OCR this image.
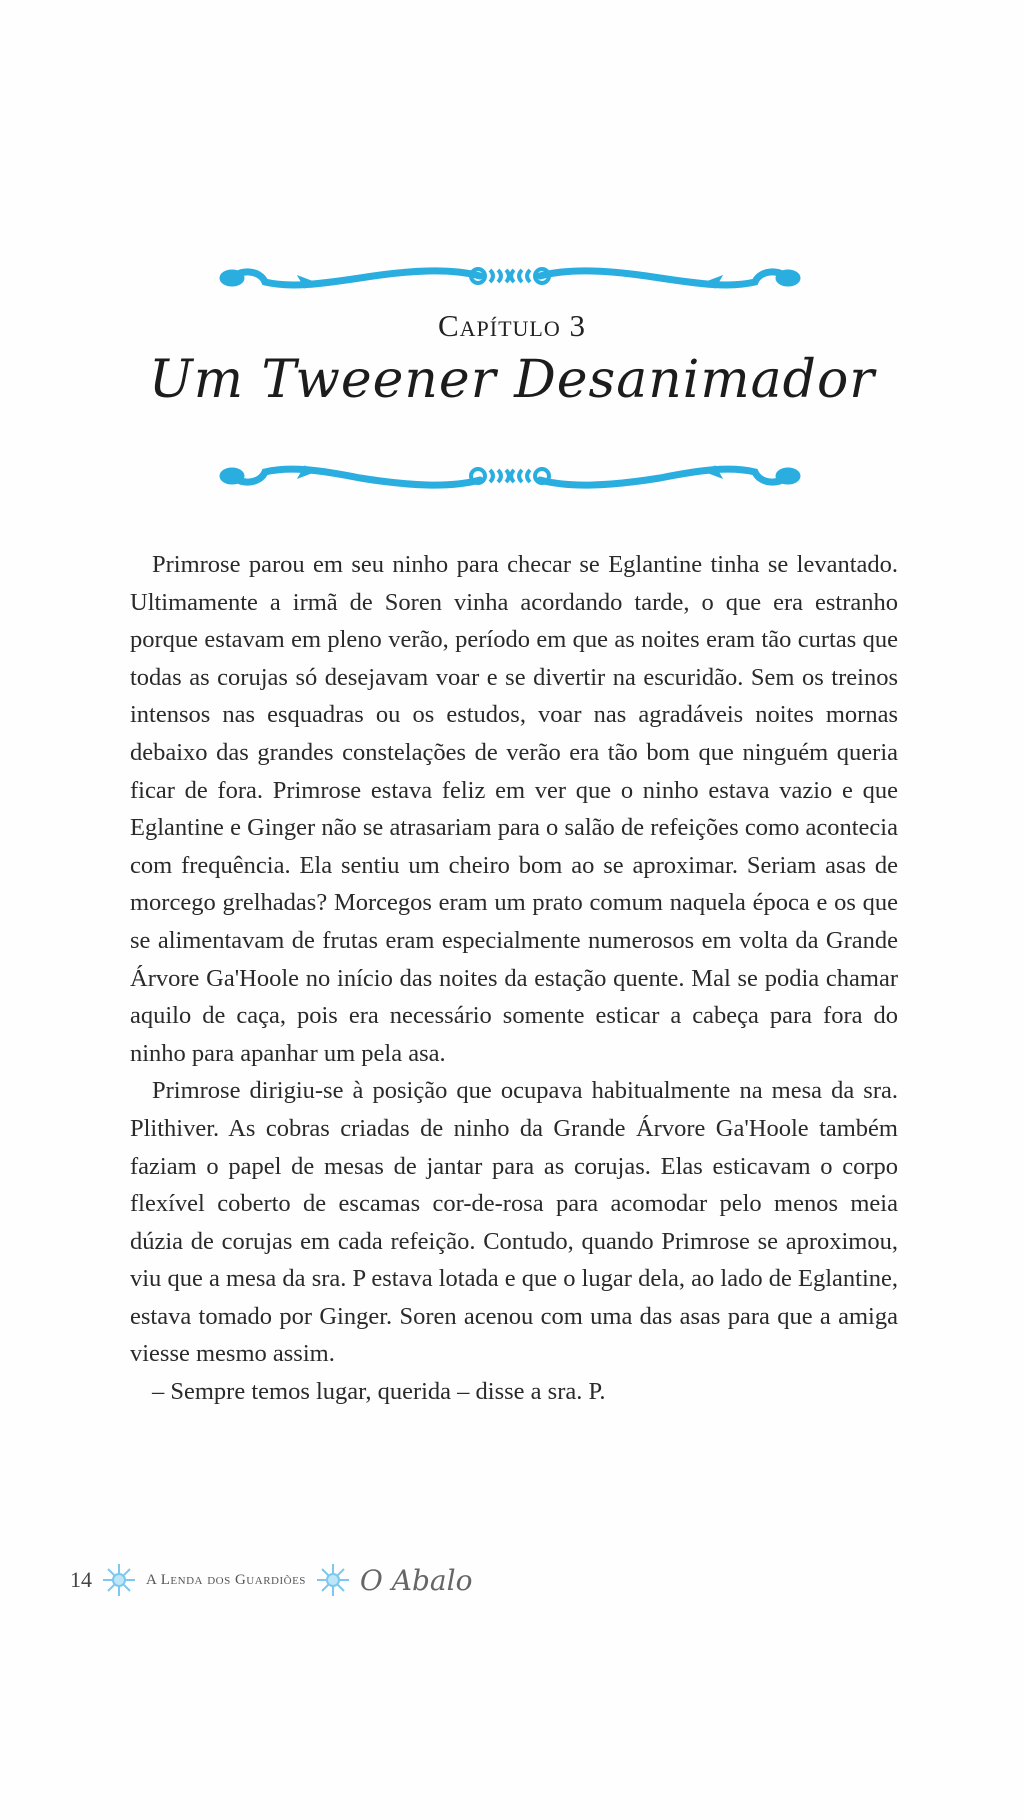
Capítulo 3
Um Tweener Desanimador

Primrose parou em seu ninho para checar se Eglantine tinha se levantado. Ultimamente a irmã de Soren vinha acordando tarde, o que era estranho porque estavam em pleno verão, período em que as noites eram tão curtas que todas as corujas só desejavam voar e se divertir na escuridão. Sem os treinos intensos nas esquadras ou os estudos, voar nas agradáveis noites mornas debaixo das grandes constelações de verão era tão bom que ninguém queria ficar de fora. Primrose estava feliz em ver que o ninho estava vazio e que Eglantine e Ginger não se atrasariam para o salão de refeições como acontecia com frequência. Ela sentiu um cheiro bom ao se aproximar. Seriam asas de morcego grelhadas? Morcegos eram um prato comum naquela época e os que se alimentavam de frutas eram especialmente numerosos em volta da Grande Árvore Ga'Hoole no início das noites da estação quente. Mal se podia chamar aquilo de caça, pois era necessário somente esticar a cabeça para fora do ninho para apanhar um pela asa.

Primrose dirigiu-se à posição que ocupava habitualmente na mesa da sra. Plithiver. As cobras criadas de ninho da Grande Árvore Ga'Hoole também faziam o papel de mesas de jantar para as corujas. Elas esticavam o corpo flexível coberto de escamas cor-de-rosa para acomodar pelo menos meia dúzia de corujas em cada refeição. Contudo, quando Primrose se aproximou, viu que a mesa da sra. P estava lotada e que o lugar dela, ao lado de Eglantine, estava tomado por Ginger. Soren acenou com uma das asas para que a amiga viesse mesmo assim.

– Sempre temos lugar, querida – disse a sra. P.

14	A Lenda dos Guardiões O Abalo
